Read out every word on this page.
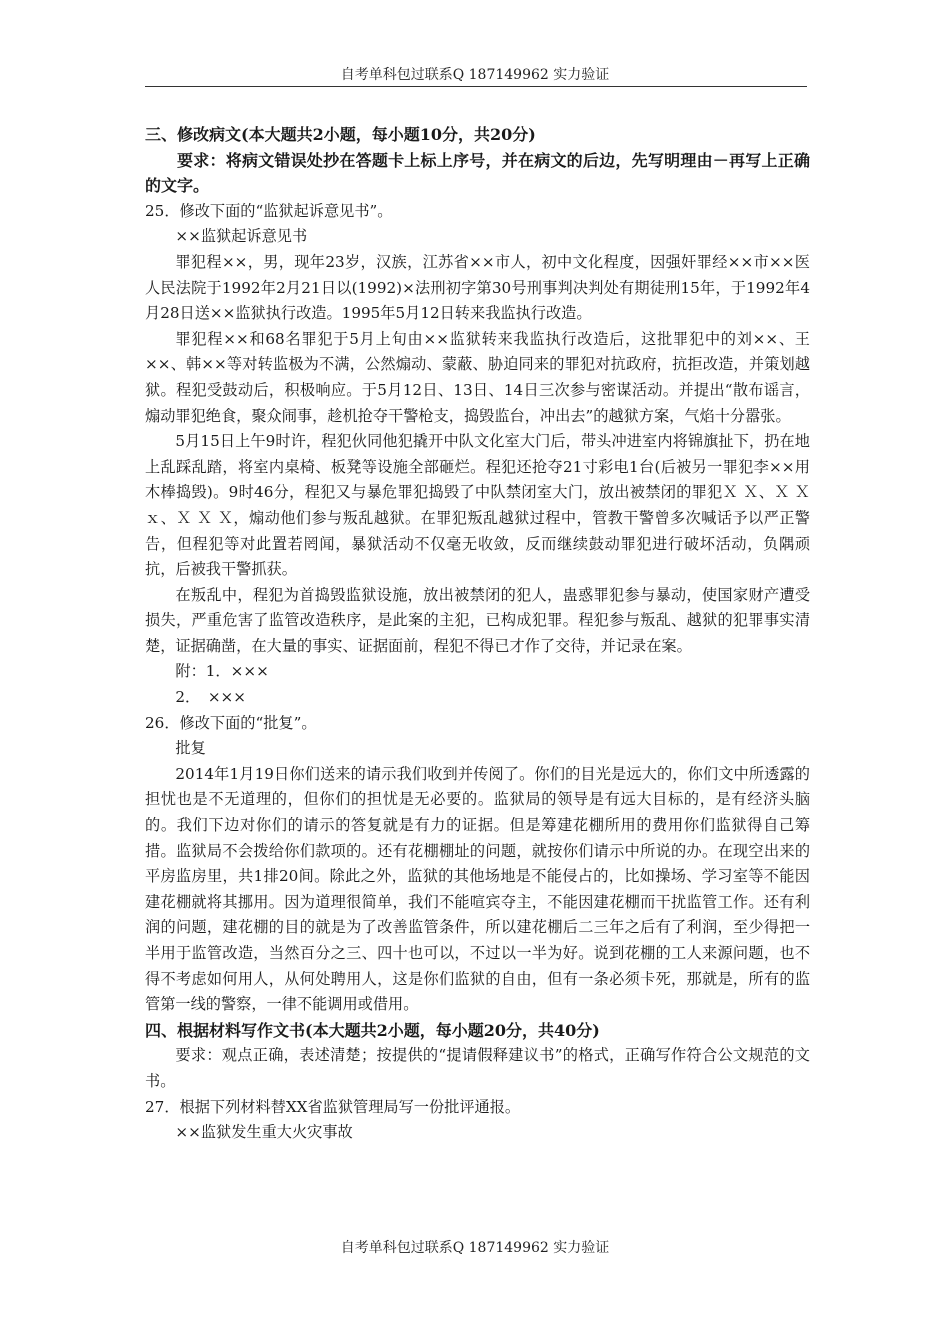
自考单科包过联系Q 187149962 实力验证

三、修改病文(本大题共2小题，每小题10分，共20分)

要求：将病文错误处抄在答题卡上标上序号，并在病文的后边，先写明理由－再写上正确的文字。

25．修改下面的“监狱起诉意见书”。

××监狱起诉意见书

罪犯程××，男，现年23岁，汉族，江苏省××市人，初中文化程度，因强奸罪经××市××医人民法院于1992年2月21日以(1992)×法刑初字第30号刑事判决判处有期徒刑15年，于1992年4月28日送××监狱执行改造。1995年5月12日转来我监执行改造。

罪犯程××和68名罪犯于5月上旬由××监狱转来我监执行改造后，这批罪犯中的刘××、王××、韩××等对转监极为不满，公然煽动、蒙蔽、胁迫同来的罪犯对抗政府，抗拒改造，并策划越狱。程犯受鼓动后，积极响应。于5月12日、13日、14日三次参与密谋活动。并提出“散布谣言，煽动罪犯绝食，聚众闹事，趁机抢夺干警枪支，捣毁监台，冲出去”的越狱方案，气焰十分嚣张。

5月15日上午9时许，程犯伙同他犯撬开中队文化室大门后，带头冲进室内将锦旗扯下，扔在地上乱踩乱踏，将室内桌椅、板凳等设施全部砸烂。程犯还抢夺21寸彩电1台(后被另一罪犯李××用木棒捣毁)。9时46分，程犯又与暴危罪犯捣毁了中队禁闭室大门，放出被禁闭的罪犯Ｘ Ｘ、Ｘ Ｘ ｘ、Ｘ Ｘ Ｘ，煽动他们参与叛乱越狱。在罪犯叛乱越狱过程中，管教干警曾多次喊话予以严正警告，但程犯等对此置若罔闻，暴狱活动不仅毫无收敛，反而继续鼓动罪犯进行破坏活动，负隅顽抗，后被我干警抓获。

在叛乱中，程犯为首捣毁监狱设施，放出被禁闭的犯人，蛊惑罪犯参与暴动，使国家财产遭受损失，严重危害了监管改造秩序，是此案的主犯，已构成犯罪。程犯参与叛乱、越狱的犯罪事实清楚，证据确凿，在大量的事实、证据面前，程犯不得已才作了交待，并记录在案。

附：1．×××

2．　×××

26．修改下面的“批复”。

批复

2014年1月19日你们送来的请示我们收到并传阅了。你们的目光是远大的，你们文中所透露的担忧也是不无道理的，但你们的担忧是无必要的。监狱局的领导是有远大目标的，是有经济头脑的。我们下边对你们的请示的答复就是有力的证据。但是筹建花棚所用的费用你们监狱得自己筹措。监狱局不会拨给你们款项的。还有花棚棚址的问题，就按你们请示中所说的办。在现空出来的平房监房里，共1排20间。除此之外，监狱的其他场地是不能侵占的，比如操场、学习室等不能因建花棚就将其挪用。因为道理很简单，我们不能喧宾夺主，不能因建花棚而干扰监管工作。还有利润的问题，建花棚的目的就是为了改善监管条件，所以建花棚后二三年之后有了利润，至少得把一半用于监管改造，当然百分之三、四十也可以，不过以一半为好。说到花棚的工人来源问题，也不得不考虑如何用人，从何处聘用人，这是你们监狱的自由，但有一条必须卡死，那就是，所有的监管第一线的警察，一律不能调用或借用。

四、根据材料写作文书(本大题共2小题，每小题20分，共40分)

要求：观点正确，表述清楚；按提供的“提请假释建议书”的格式，正确写作符合公文规范的文书。

27．根据下列材料替XX省监狱管理局写一份批评通报。

××监狱发生重大火灾事故

自考单科包过联系Q 187149962 实力验证
